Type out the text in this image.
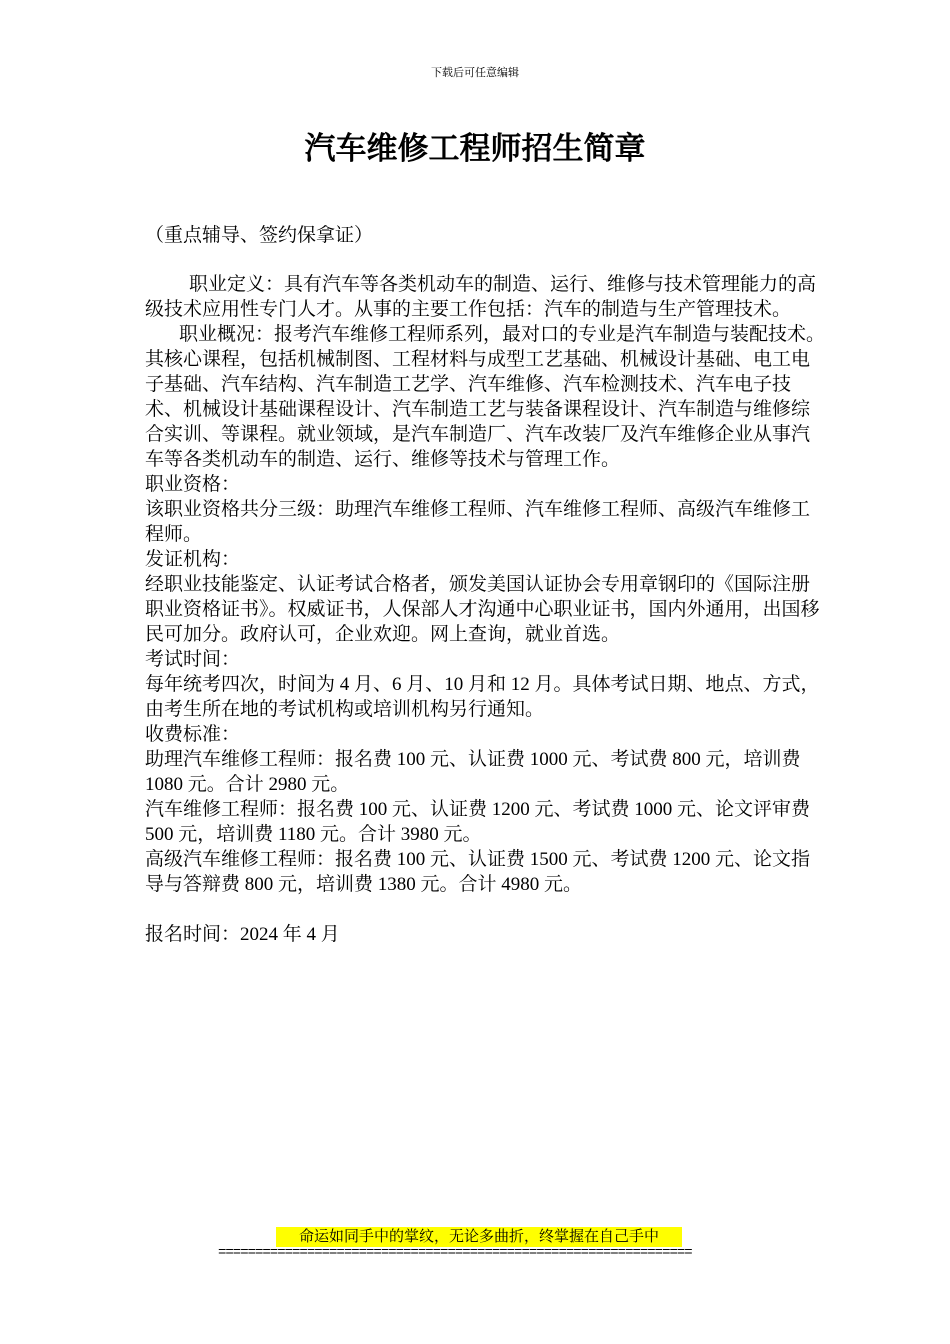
下载后可任意编辑
汽车维修工程师招生简章
（重点辅导、签约保拿证）

职业定义：具有汽车等各类机动车的制造、运行、维修与技术管理能力的高级技术应用性专门人才。从事的主要工作包括：汽车的制造与生产管理技术。

职业概况：报考汽车维修工程师系列，最对口的专业是汽车制造与装配技术。其核心课程，包括机械制图、工程材料与成型工艺基础、机械设计基础、电工电子基础、汽车结构、汽车制造工艺学、汽车维修、汽车检测技术、汽车电子技术、机械设计基础课程设计、汽车制造工艺与装备课程设计、汽车制造与维修综合实训、等课程。就业领域，是汽车制造厂、汽车改装厂及汽车维修企业从事汽车等各类机动车的制造、运行、维修等技术与管理工作。

职业资格：

该职业资格共分三级：助理汽车维修工程师、汽车维修工程师、高级汽车维修工程师。

发证机构：

经职业技能鉴定、认证考试合格者，颁发美国认证协会专用章钢印的《国际注册职业资格证书》。权威证书，人保部人才沟通中心职业证书，国内外通用，出国移民可加分。政府认可，企业欢迎。网上查询，就业首选。

考试时间：

每年统考四次，时间为 4 月、6 月、10 月和 12 月。具体考试日期、地点、方式，由考生所在地的考试机构或培训机构另行通知。

收费标准：

助理汽车维修工程师：报名费 100 元、认证费 1000 元、考试费 800 元，培训费 1080 元。合计 2980 元。

汽车维修工程师：报名费 100 元、认证费 1200 元、考试费 1000 元、论文评审费 500 元，培训费 1180 元。合计 3980 元。

高级汽车维修工程师：报名费 100 元、认证费 1500 元、考试费 1200 元、论文指导与答辩费 800 元，培训费 1380 元。合计 4980 元。

报名时间：2024 年 4 月

命运如同手中的掌纹，无论多曲折，终掌握在自己手中
================================================================
